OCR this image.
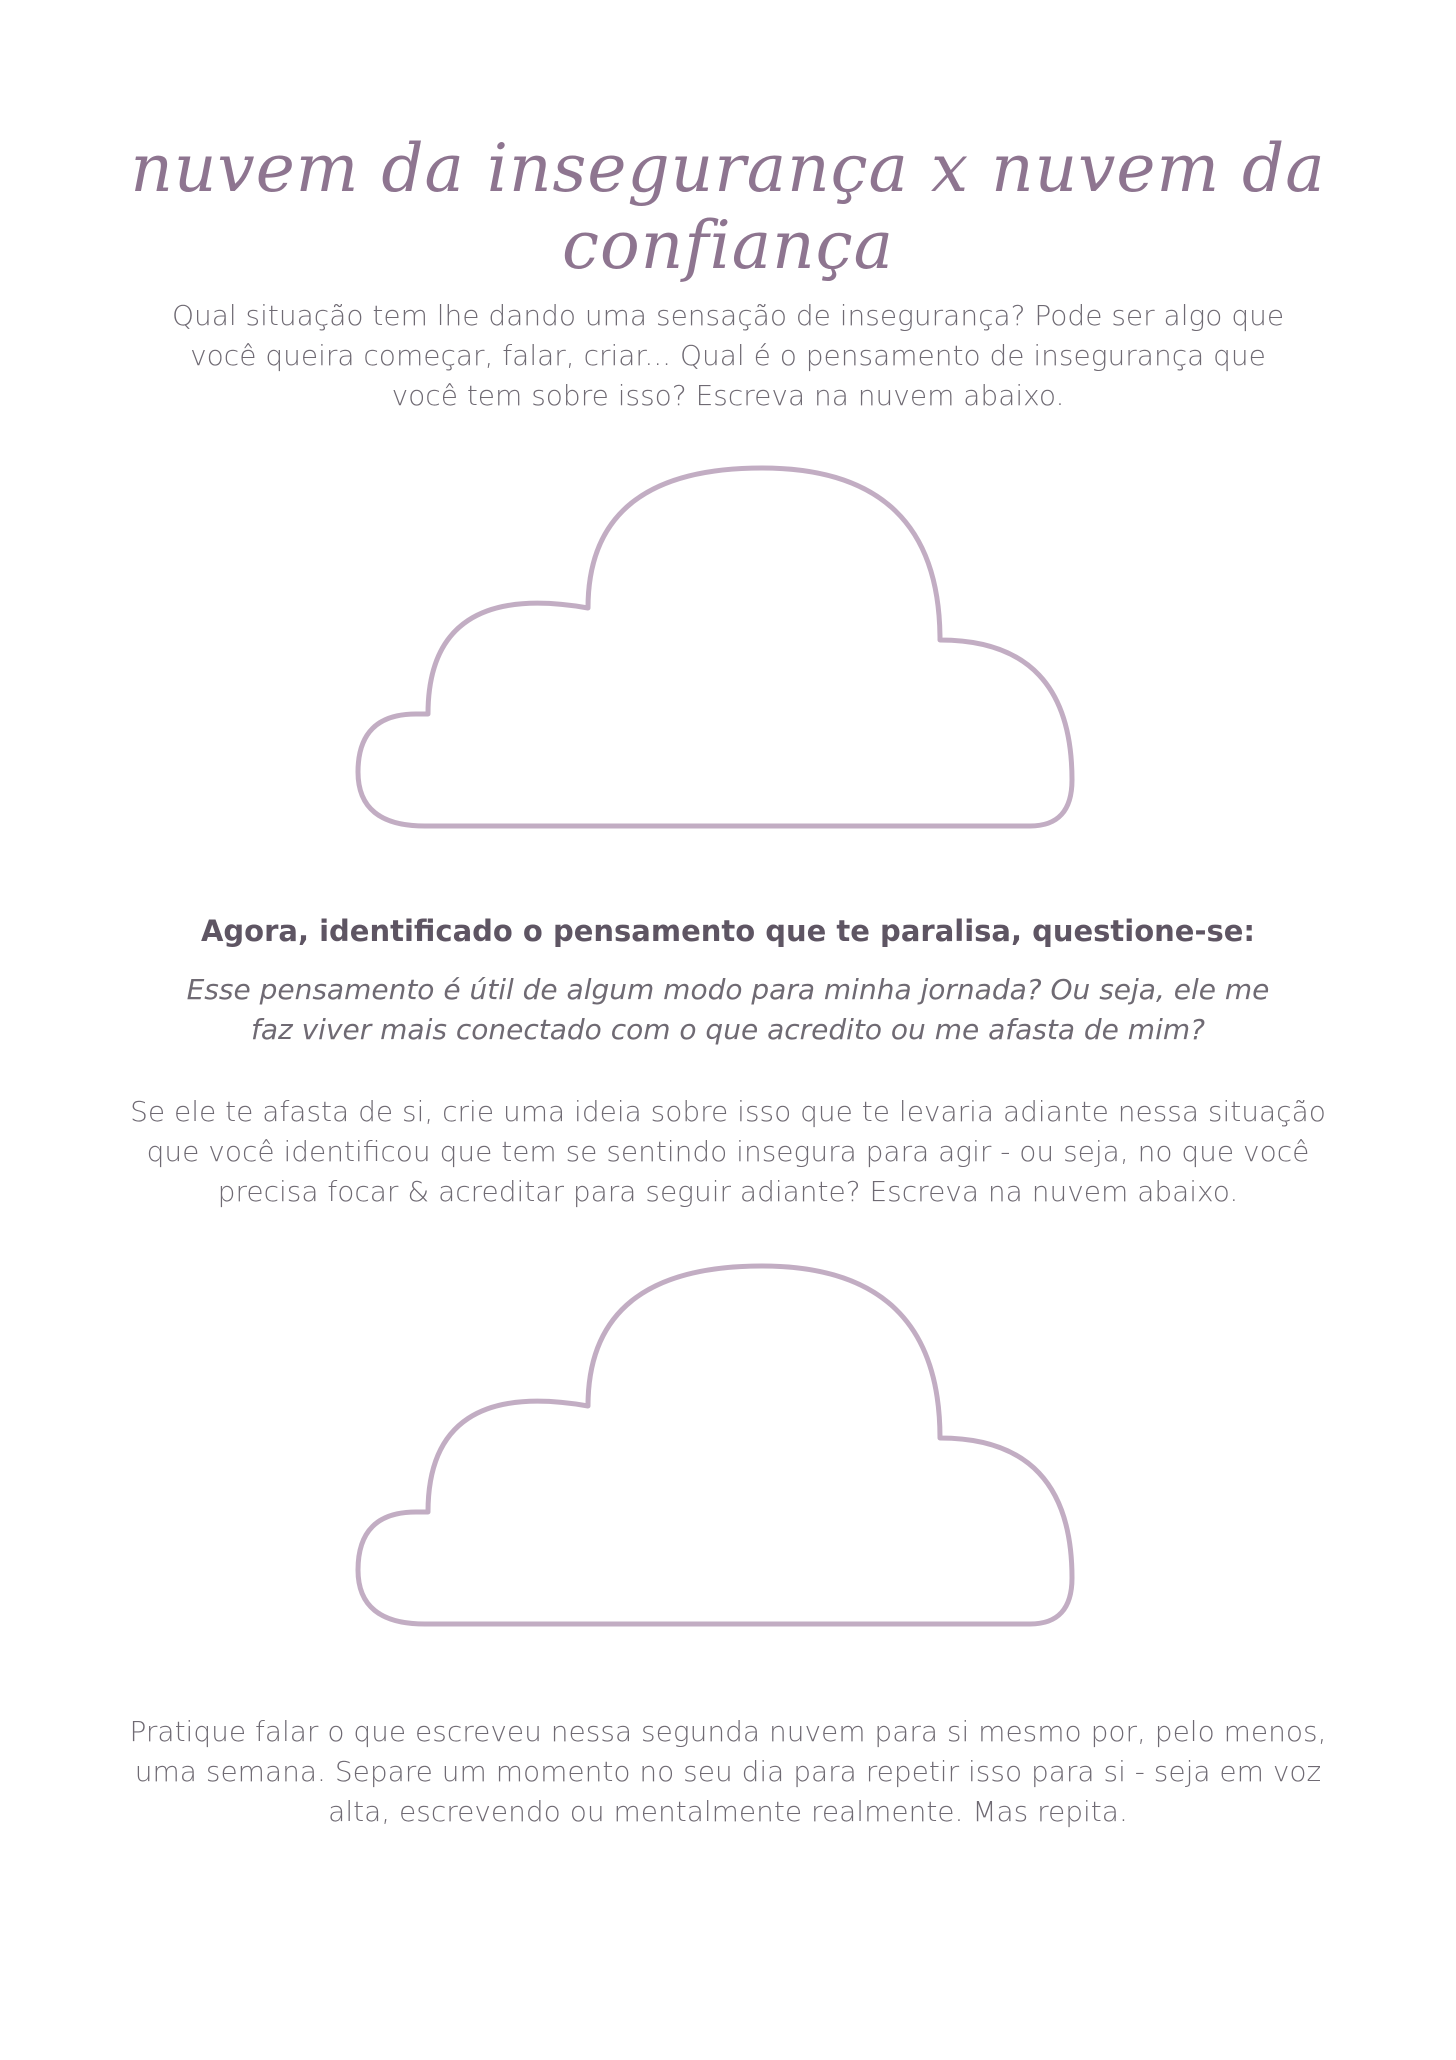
nuvem da insegurança x nuvem da confiança

Qual situação tem lhe dando uma sensação de insegurança? Pode ser algo que
você queira começar, falar, criar... Qual é o pensamento de insegurança que
você tem sobre isso? Escreva na nuvem abaixo.

Agora, identificado o pensamento que te paralisa, questione-se:

Esse pensamento é útil de algum modo para minha jornada? Ou seja, ele me
faz viver mais conectado com o que acredito ou me afasta de mim?

Se ele te afasta de si, crie uma ideia sobre isso que te levaria adiante nessa situação
que você identificou que tem se sentindo insegura para agir - ou seja, no que você
precisa focar & acreditar para seguir adiante? Escreva na nuvem abaixo.

Pratique falar o que escreveu nessa segunda nuvem para si mesmo por, pelo menos,
uma semana. Separe um momento no seu dia para repetir isso para si - seja em voz
alta, escrevendo ou mentalmente realmente. Mas repita.
